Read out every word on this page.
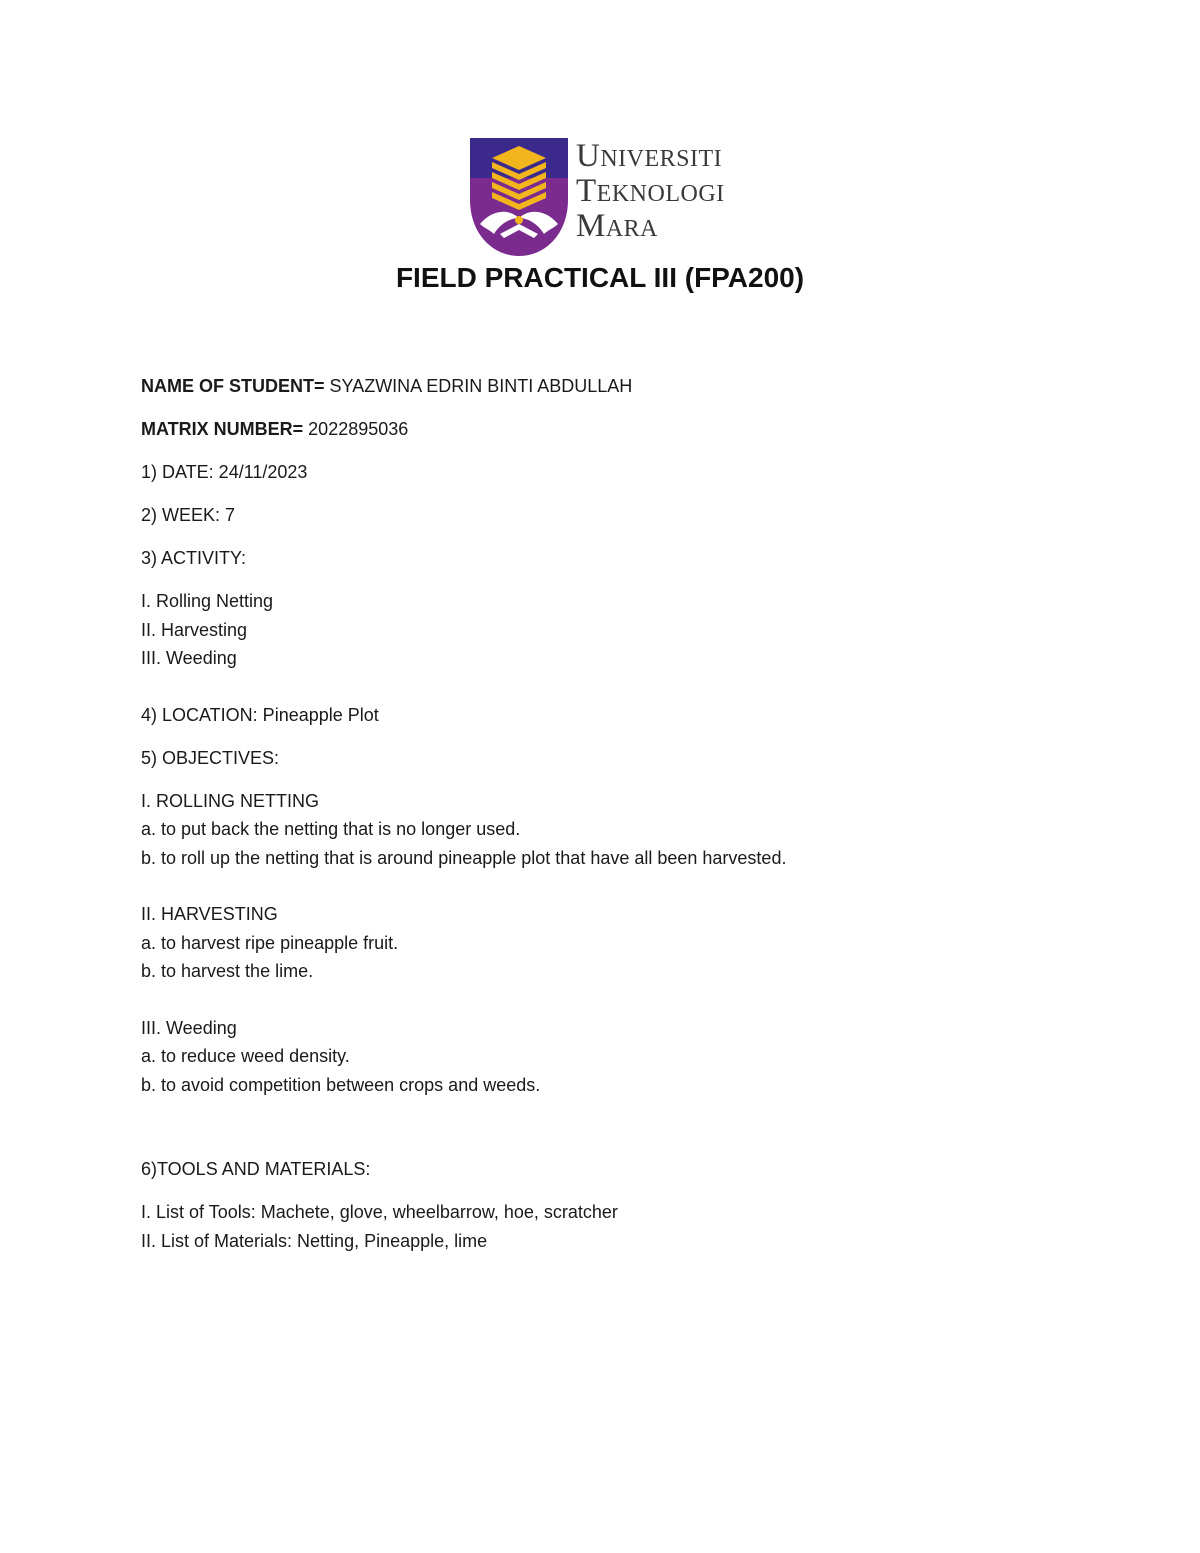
UNIVERSITI
TEKNOLOGI
MARA
FIELD PRACTICAL III (FPA200)
NAME OF STUDENT= SYAZWINA EDRIN BINTI ABDULLAH
MATRIX NUMBER= 2022895036
1) DATE: 24/11/2023
2) WEEK: 7
3) ACTIVITY:
I. Rolling Netting
II. Harvesting
III. Weeding
4) LOCATION: Pineapple Plot
5) OBJECTIVES:
I. ROLLING NETTING
a. to put back the netting that is no longer used.
b. to roll up the netting that is around pineapple plot that have all been harvested.
II. HARVESTING
a. to harvest ripe pineapple fruit.
b. to harvest the lime.
III. Weeding
a. to reduce weed density.
b. to avoid competition between crops and weeds.
6)TOOLS AND MATERIALS:
I. List of Tools: Machete, glove, wheelbarrow, hoe, scratcher
II. List of Materials: Netting, Pineapple, lime
